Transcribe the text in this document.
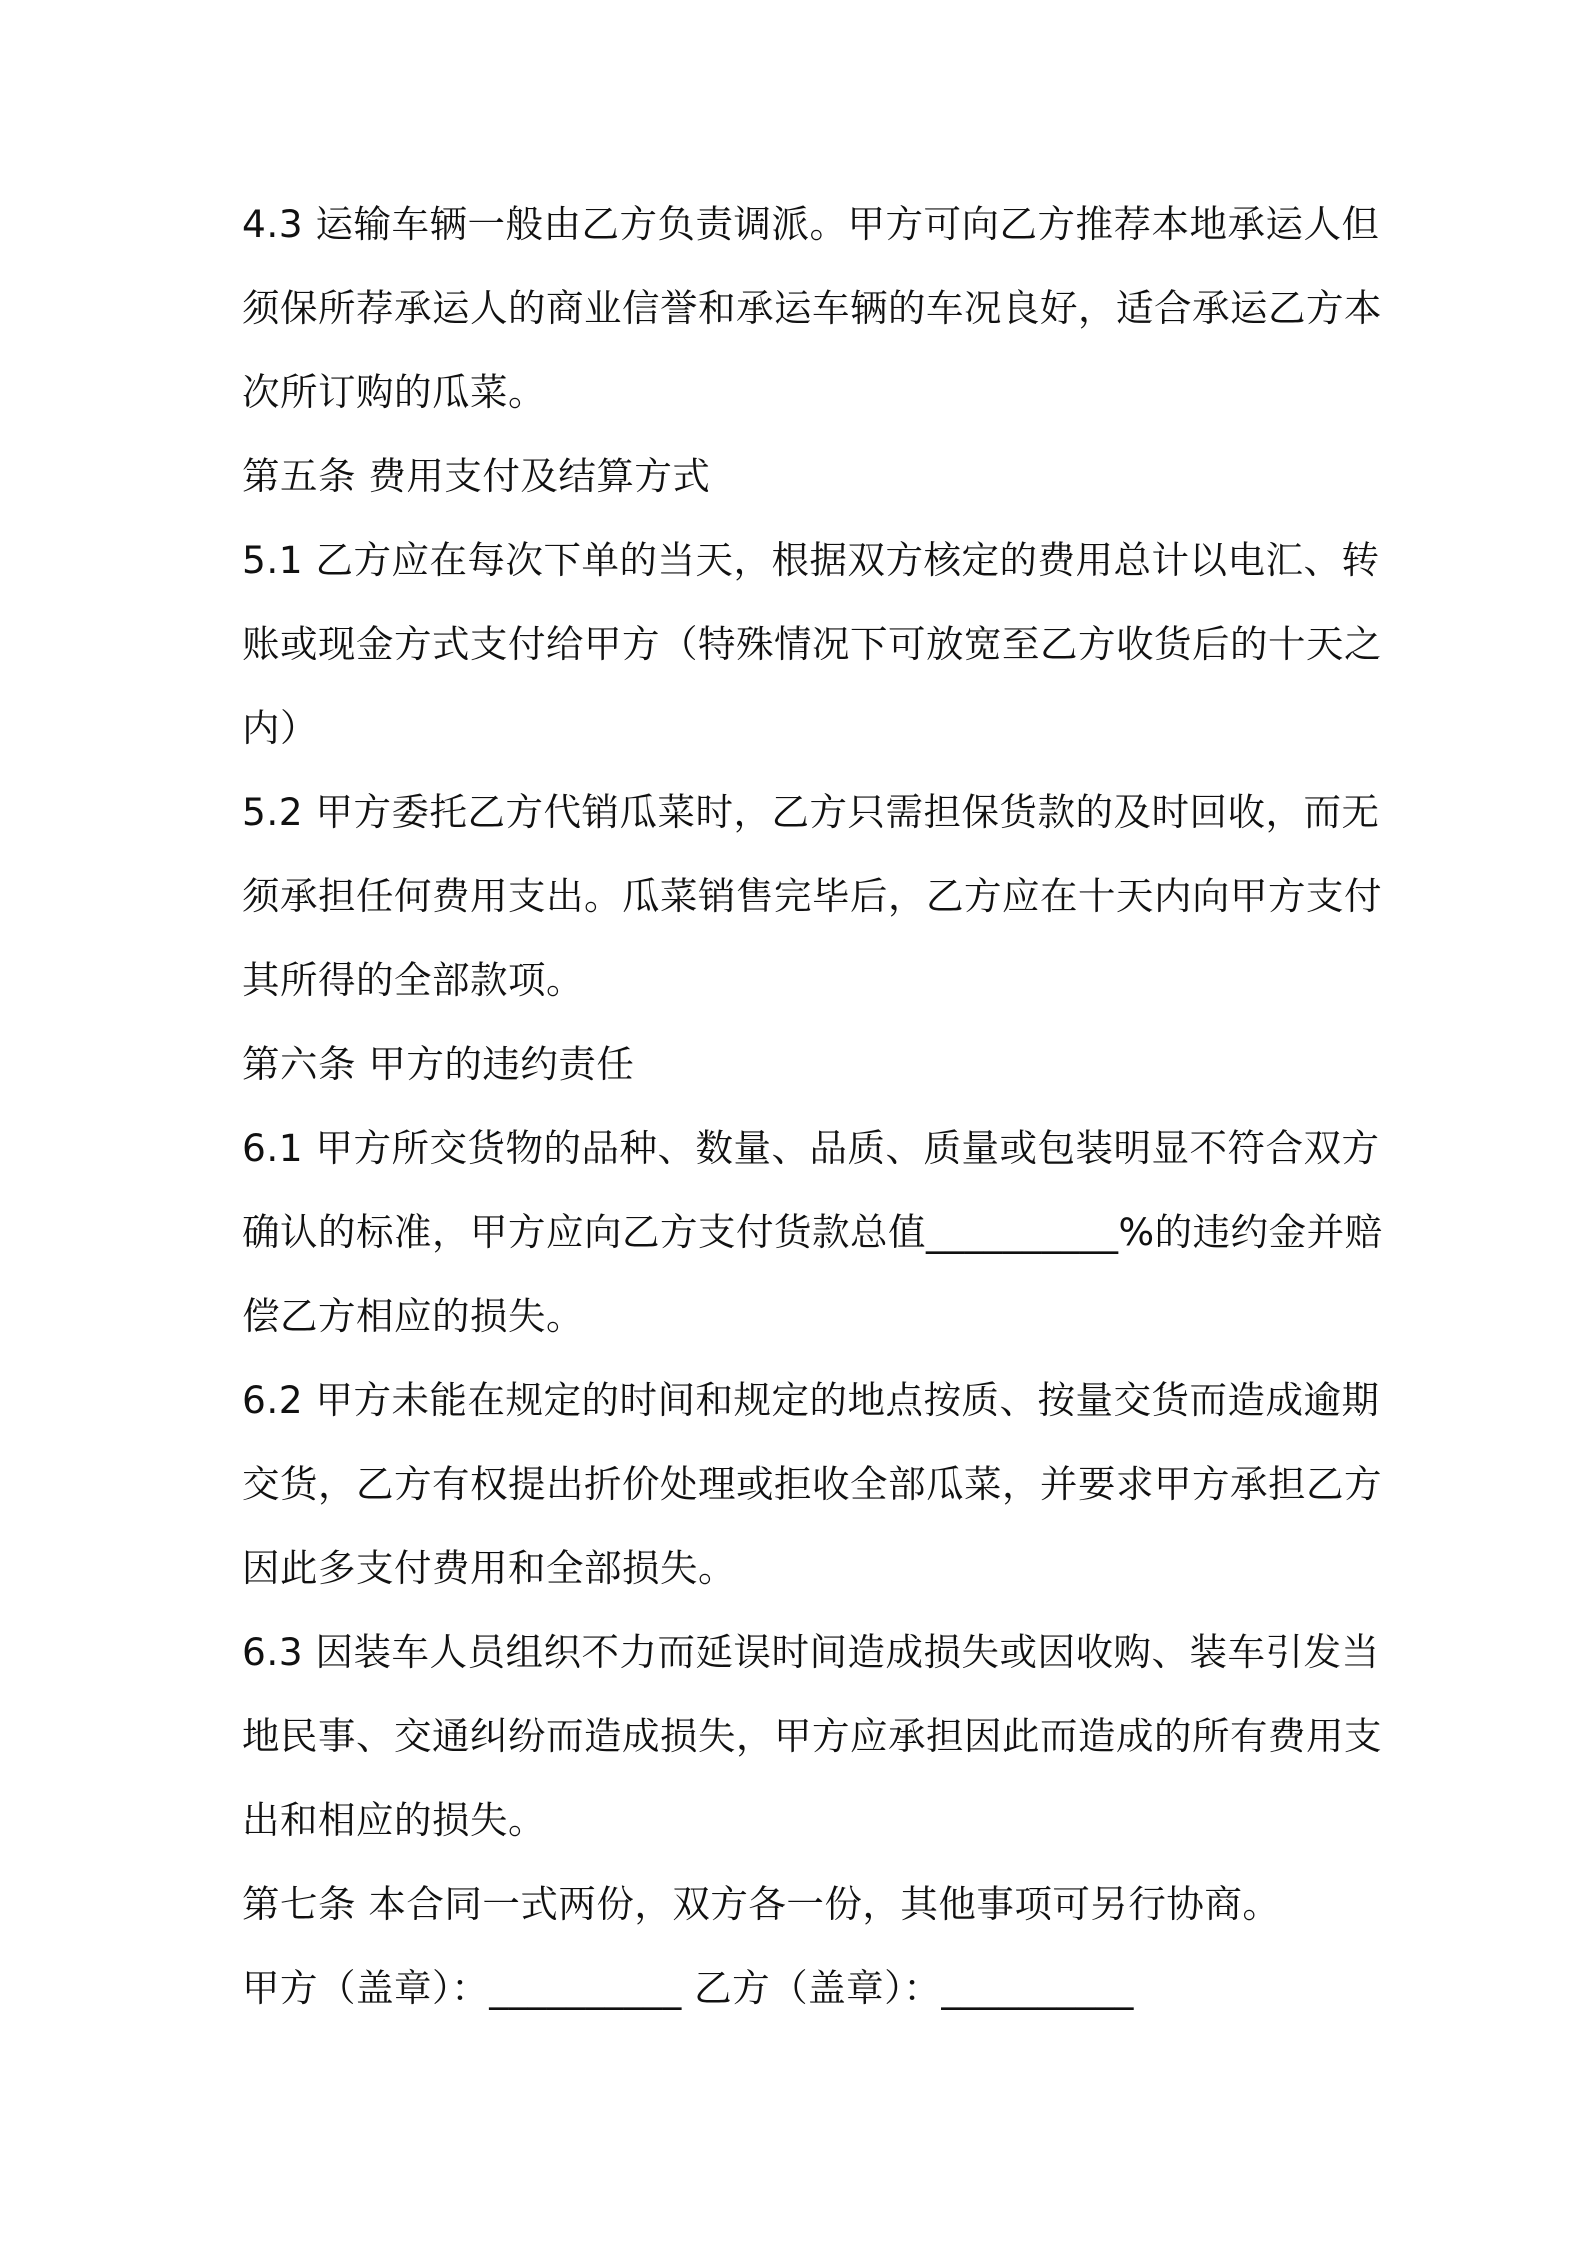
4.3 运输车辆一般由乙方负责调派。甲方可向乙方推荐本地承运人但
须保所荐承运人的商业信誉和承运车辆的车况良好，适合承运乙方本
次所订购的瓜菜。
第五条 费用支付及结算方式
5.1 乙方应在每次下单的当天，根据双方核定的费用总计以电汇、转
账或现金方式支付给甲方（特殊情况下可放宽至乙方收货后的十天之
内）
5.2 甲方委托乙方代销瓜菜时，乙方只需担保货款的及时回收，而无
须承担任何费用支出。瓜菜销售完毕后，乙方应在十天内向甲方支付
其所得的全部款项。
第六条 甲方的违约责任
6.1 甲方所交货物的品种、数量、品质、质量或包装明显不符合双方
确认的标准，甲方应向乙方支付货款总值__________%的违约金并赔
偿乙方相应的损失。
6.2 甲方未能在规定的时间和规定的地点按质、按量交货而造成逾期
交货，乙方有权提出折价处理或拒收全部瓜菜，并要求甲方承担乙方
因此多支付费用和全部损失。
6.3 因装车人员组织不力而延误时间造成损失或因收购、装车引发当
地民事、交通纠纷而造成损失，甲方应承担因此而造成的所有费用支
出和相应的损失。
第七条 本合同一式两份，双方各一份，其他事项可另行协商。
甲方（盖章）：__________ 乙方（盖章）：__________
